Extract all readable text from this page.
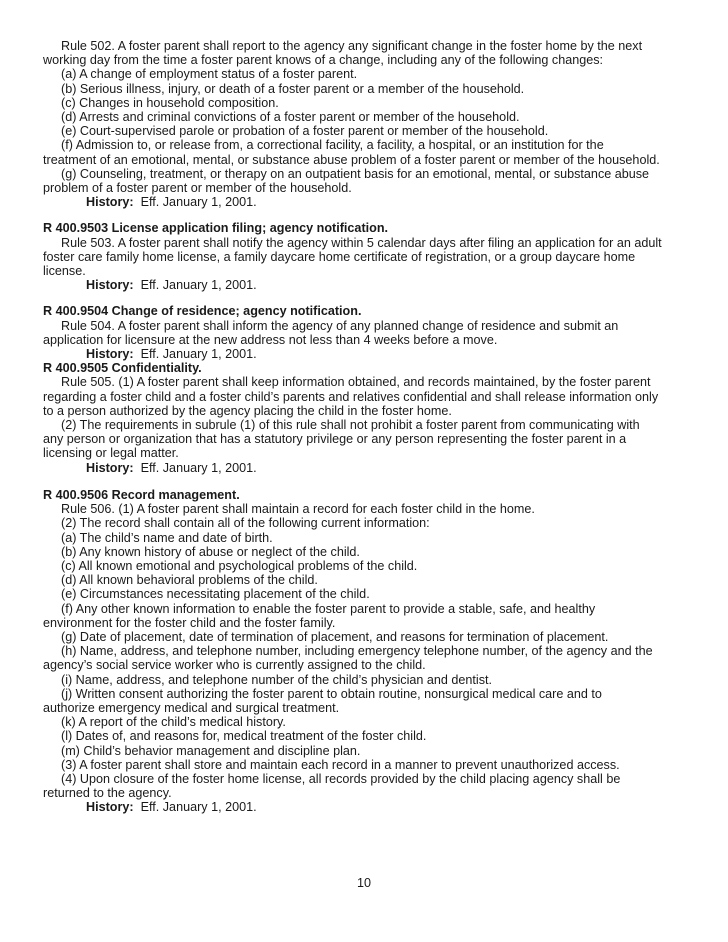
Rule 502. A foster parent shall report to the agency any significant change in the foster home by the next
working day from the time a foster parent knows of a change, including any of the following changes:
(a) A change of employment status of a foster parent.
(b) Serious illness, injury, or death of a foster parent or a member of the household.
(c) Changes in household composition.
(d) Arrests and criminal convictions of a foster parent or member of the household.
(e) Court-supervised parole or probation of a foster parent or member of the household.
(f) Admission to, or release from, a correctional facility, a facility, a hospital, or an institution for the
treatment of an emotional, mental, or substance abuse problem of a foster parent or member of the household.
(g) Counseling, treatment, or therapy on an outpatient basis for an emotional, mental, or substance abuse
problem of a foster parent or member of the household.
History: Eff. January 1, 2001.
R 400.9503 License application filing; agency notification.
Rule 503. A foster parent shall notify the agency within 5 calendar days after filing an application for an adult
foster care family home license, a family daycare home certificate of registration, or a group daycare home
license.
History: Eff. January 1, 2001.
R 400.9504 Change of residence; agency notification.
Rule 504. A foster parent shall inform the agency of any planned change of residence and submit an
application for licensure at the new address not less than 4 weeks before a move.
History: Eff. January 1, 2001.
R 400.9505 Confidentiality.
Rule 505. (1) A foster parent shall keep information obtained, and records maintained, by the foster parent
regarding a foster child and a foster child’s parents and relatives confidential and shall release information only
to a person authorized by the agency placing the child in the foster home.
(2) The requirements in subrule (1) of this rule shall not prohibit a foster parent from communicating with
any person or organization that has a statutory privilege or any person representing the foster parent in a
licensing or legal matter.
History: Eff. January 1, 2001.
R 400.9506 Record management.
Rule 506. (1) A foster parent shall maintain a record for each foster child in the home.
(2) The record shall contain all of the following current information:
(a) The child’s name and date of birth.
(b) Any known history of abuse or neglect of the child.
(c) All known emotional and psychological problems of the child.
(d) All known behavioral problems of the child.
(e) Circumstances necessitating placement of the child.
(f) Any other known information to enable the foster parent to provide a stable, safe, and healthy
environment for the foster child and the foster family.
(g) Date of placement, date of termination of placement, and reasons for termination of placement.
(h) Name, address, and telephone number, including emergency telephone number, of the agency and the
agency’s social service worker who is currently assigned to the child.
(i) Name, address, and telephone number of the child’s physician and dentist.
(j) Written consent authorizing the foster parent to obtain routine, nonsurgical medical care and to
authorize emergency medical and surgical treatment.
(k) A report of the child’s medical history.
(l) Dates of, and reasons for, medical treatment of the foster child.
(m) Child’s behavior management and discipline plan.
(3) A foster parent shall store and maintain each record in a manner to prevent unauthorized access.
(4) Upon closure of the foster home license, all records provided by the child placing agency shall be
returned to the agency.
History: Eff. January 1, 2001.
10
